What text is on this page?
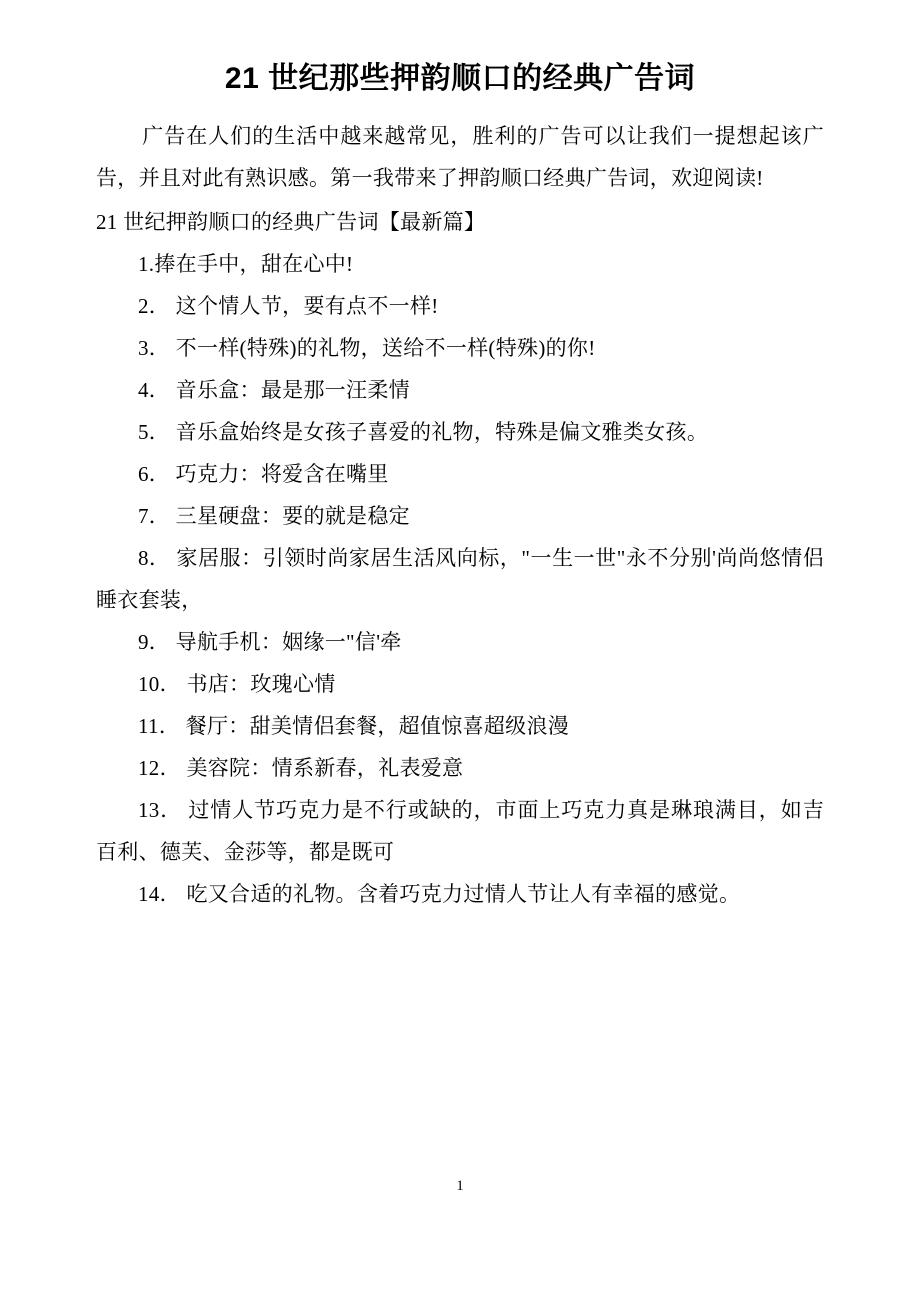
21 世纪那些押韵顺口的经典广告词

广告在人们的生活中越来越常见，胜利的广告可以让我们一提想起该广告，并且对此有熟识感。第一我带来了押韵顺口经典广告词，欢迎阅读!

21 世纪押韵顺口的经典广告词【最新篇】

1.捧在手中，甜在心中!
2． 这个情人节，要有点不一样!
3． 不一样(特殊)的礼物，送给不一样(特殊)的你!
4． 音乐盒：最是那一汪柔情
5． 音乐盒始终是女孩子喜爱的礼物，特殊是偏文雅类女孩。
6． 巧克力：将爱含在嘴里
7． 三星硬盘：要的就是稳定
8． 家居服：引领时尚家居生活风向标，"一生一世"永不分别'尚尚悠情侣睡衣套装，
9． 导航手机：姻缘一"信'牵
10． 书店：玫瑰心情
11． 餐厅：甜美情侣套餐，超值惊喜超级浪漫
12． 美容院：情系新春，礼表爱意
13． 过情人节巧克力是不行或缺的，市面上巧克力真是琳琅满目，如吉百利、德芙、金莎等，都是既可
14． 吃又合适的礼物。含着巧克力过情人节让人有幸福的感觉。
1
